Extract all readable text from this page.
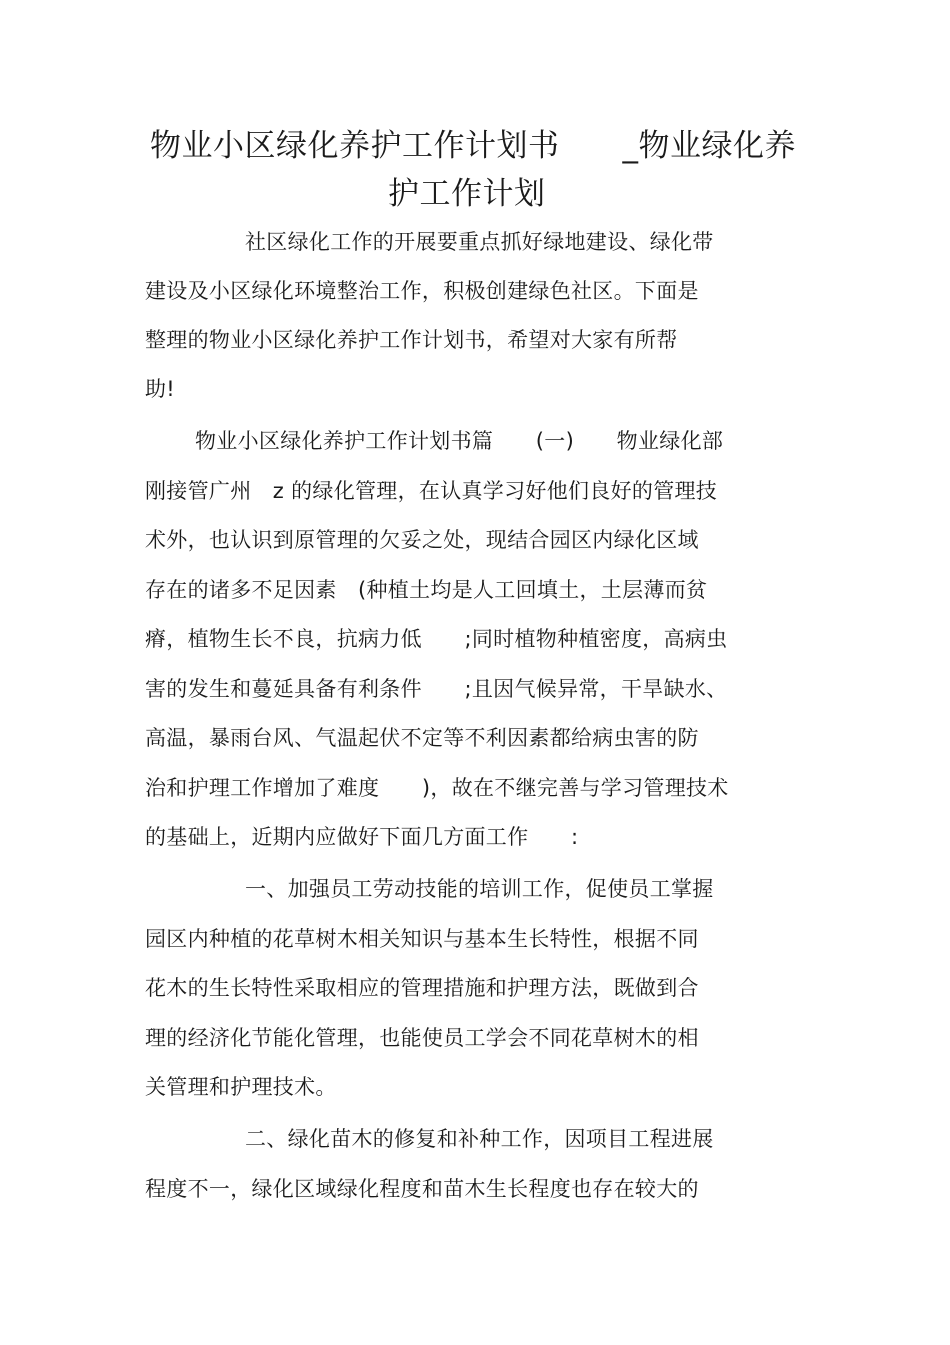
物业小区绿化养护工作计划书　　_物业绿化养
护工作计划
社区绿化工作的开展要重点抓好绿地建设、绿化带
建设及小区绿化环境整治工作，积极创建绿色社区。下面是
整理的物业小区绿化养护工作计划书，希望对大家有所帮
助!
物业小区绿化养护工作计划书篇　　(一)　　物业绿化部
刚接管广州　z 的绿化管理，在认真学习好他们良好的管理技
术外，也认识到原管理的欠妥之处，现结合园区内绿化区域
存在的诸多不足因素　(种植土均是人工回填土，土层薄而贫
瘠，植物生长不良，抗病力低　　;同时植物种植密度，高病虫
害的发生和蔓延具备有利条件　　;且因气候异常，干旱缺水、
高温，暴雨台风、气温起伏不定等不利因素都给病虫害的防
治和护理工作增加了难度　　)，故在不继完善与学习管理技术
的基础上，近期内应做好下面几方面工作　　:
一、加强员工劳动技能的培训工作，促使员工掌握
园区内种植的花草树木相关知识与基本生长特性，根据不同
花木的生长特性采取相应的管理措施和护理方法，既做到合
理的经济化节能化管理，也能使员工学会不同花草树木的相
关管理和护理技术。
二、绿化苗木的修复和补种工作，因项目工程进展
程度不一，绿化区域绿化程度和苗木生长程度也存在较大的
